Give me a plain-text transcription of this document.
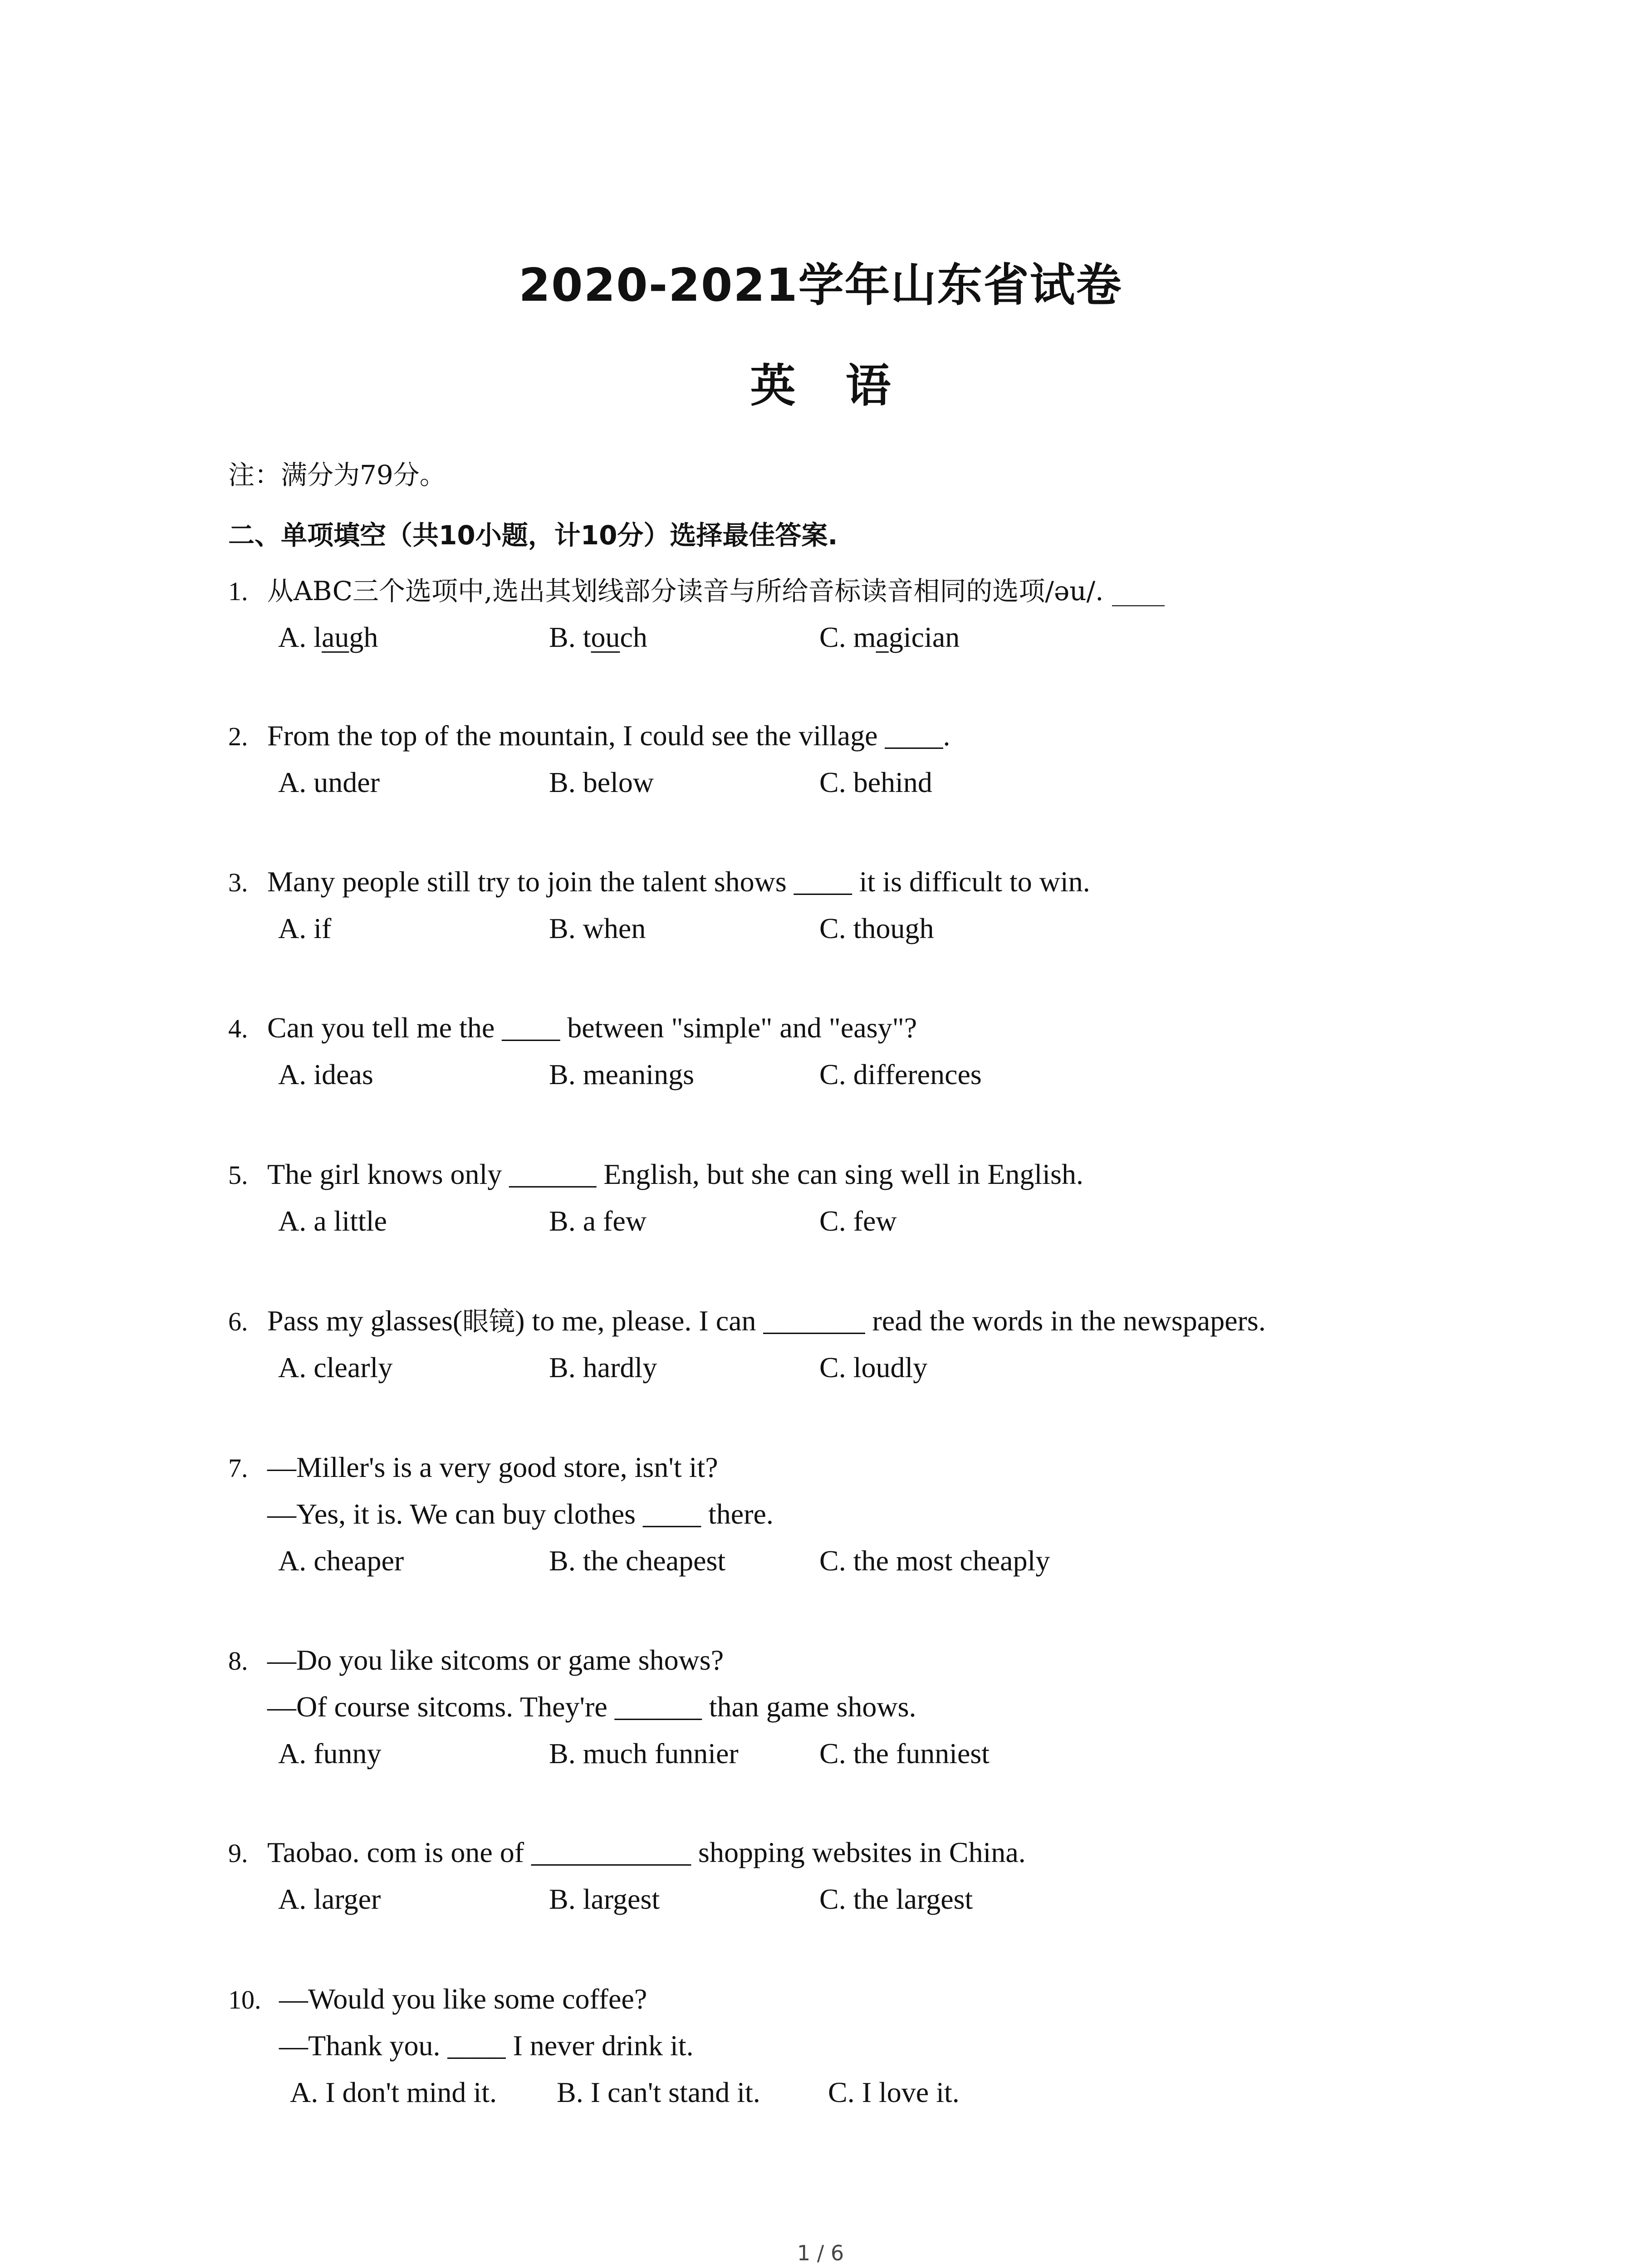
2020-2021学年山东省试卷
英语
注：满分为79分。
二、单项填空（共10小题，计10分）选择最佳答案.
1. 从ABC三个选项中,选出其划线部分读音与所给音标读音相同的选项/əu/. ____
A. laugh	B. touch	C. magician
2. From the top of the mountain, I could see the village ____.
A. under	B. below	C. behind
3. Many people still try to join the talent shows ____ it is difficult to win.
A. if	B. when	C. though
4. Can you tell me the ____ between "simple" and "easy"?
A. ideas	B. meanings	C. differences
5. The girl knows only ______ English, but she can sing well in English.
A. a little	B. a few	C. few
6. Pass my glasses(眼镜) to me, please. I can _______ read the words in the newspapers.
A. clearly	B. hardly	C. loudly
7. —Miller's is a very good store, isn't it?
—Yes, it is. We can buy clothes ____ there.
A. cheaper	B. the cheapest	C. the most cheaply
8. —Do you like sitcoms or game shows?
—Of course sitcoms. They're ______ than game shows.
A. funny	B. much funnier	C. the funniest
9. Taobao. com is one of ___________ shopping websites in China.
A. larger	B. largest	C. the largest
10. —Would you like some coffee?
—Thank you. ____ I never drink it.
A. I don't mind it. B. I can't stand it. C. I love it.
1 / 6
